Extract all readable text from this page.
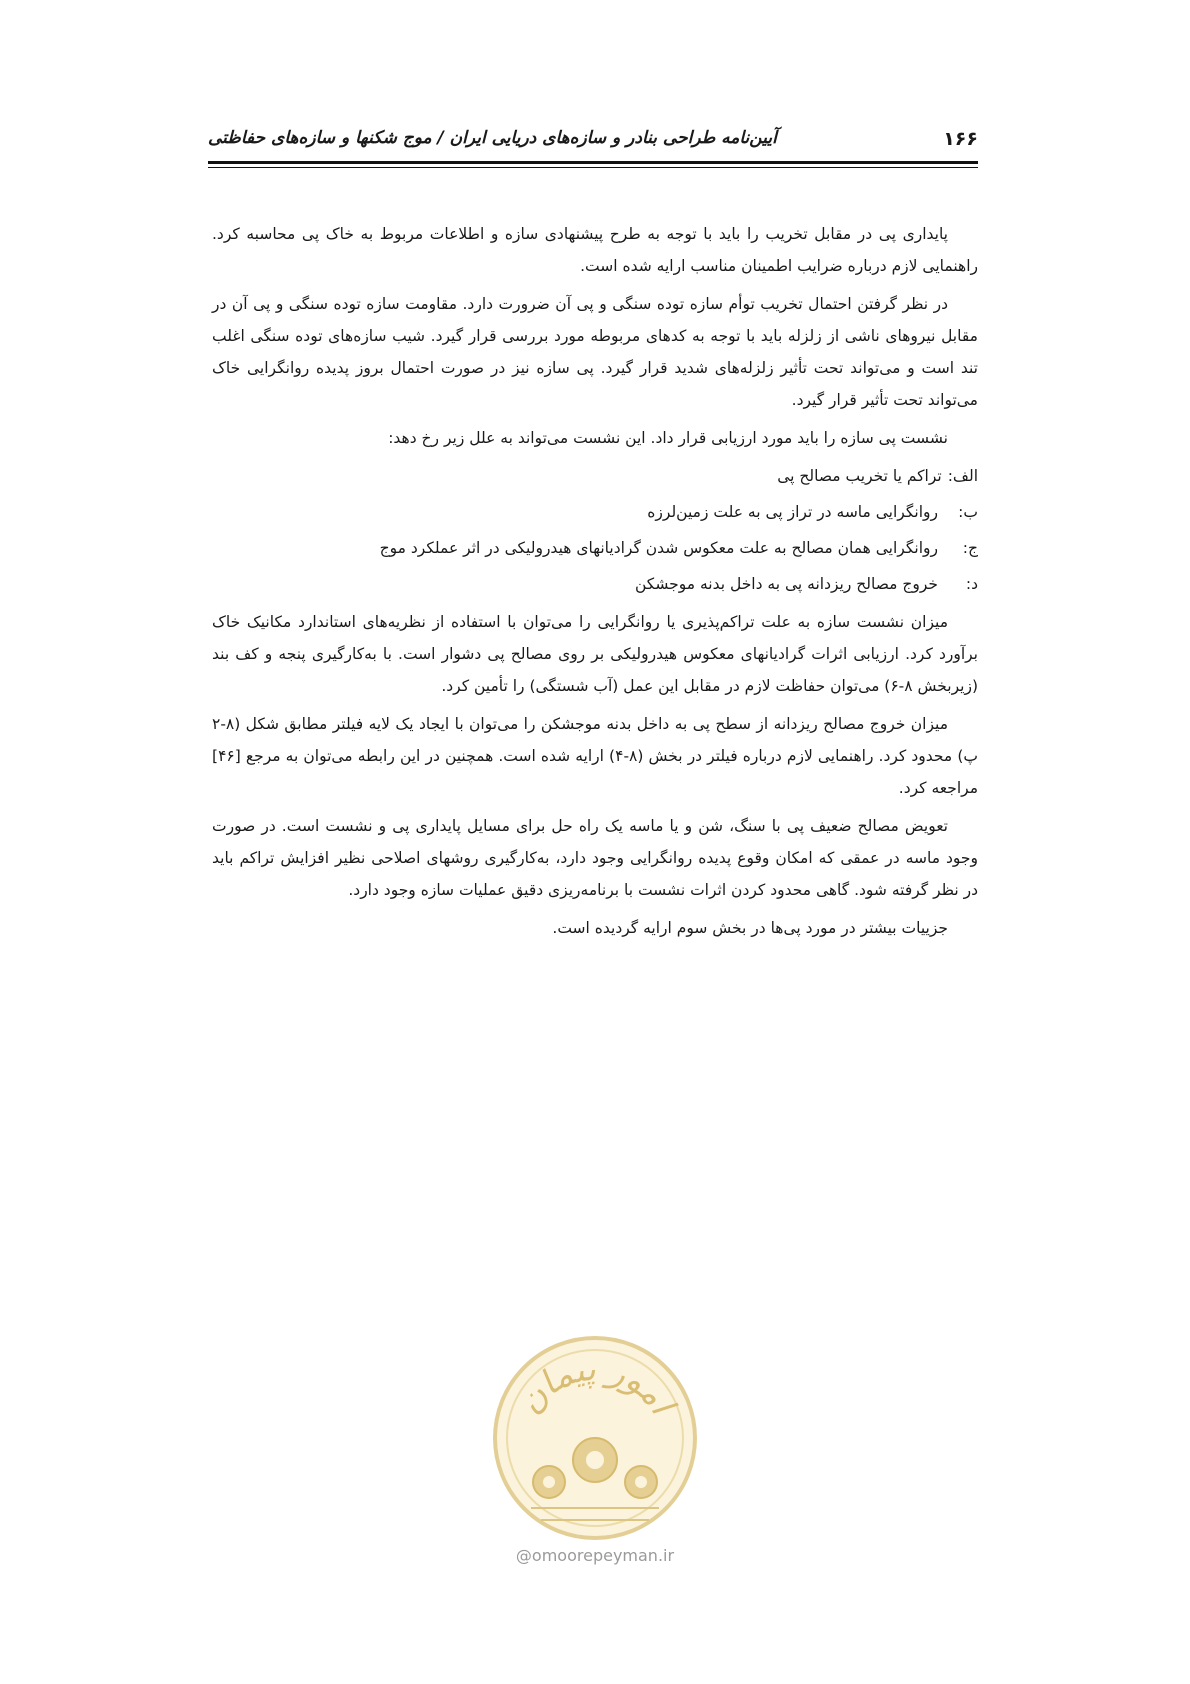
۱۶۶
آیین‌نامه طراحی بنادر و سازه‌های دریایی ایران / موج شکنها و سازه‌های حفاظتی

پایداری پی در مقابل تخریب را باید با توجه به طرح پیشنهادی سازه و اطلاعات مربوط به خاک پی محاسبه کرد. راهنمایی لازم درباره ضرایب اطمینان مناسب ارایه شده است.

در نظر گرفتن احتمال تخریب توأم سازه توده سنگی و پی آن ضرورت دارد. مقاومت سازه توده سنگی و پی آن در مقابل نیروهای ناشی از زلزله باید با توجه به کدهای مربوطه مورد بررسی قرار گیرد. شیب سازه‌های توده سنگی اغلب تند است و می‌تواند تحت تأثیر زلزله‌های شدید قرار گیرد. پی سازه نیز در صورت احتمال بروز پدیده روانگرایی خاک می‌تواند تحت تأثیر قرار گیرد.

نشست پی سازه را باید مورد ارزیابی قرار داد. این نشست می‌تواند به علل زیر رخ دهد:

الف:
تراکم یا تخریب مصالح پی
ب:
روانگرایی ماسه در تراز پی به علت زمین‌لرزه
ج:
روانگرایی همان مصالح به علت معکوس شدن گرادیانهای هیدرولیکی در اثر عملکرد موج
د:
خروج مصالح ریزدانه پی به داخل بدنه موجشکن

میزان نشست سازه به علت تراکم‌پذیری یا روانگرایی را می‌توان با استفاده از نظریه‌های استاندارد مکانیک خاک برآورد کرد. ارزیابی اثرات گرادیانهای معکوس هیدرولیکی بر روی مصالح پی دشوار است. با به‌کارگیری پنجه و کف بند (زیربخش ۸-۶) می‌توان حفاظت لازم در مقابل این عمل (آب شستگی) را تأمین کرد.

میزان خروج مصالح ریزدانه از سطح پی به داخل بدنه موجشکن را می‌توان با ایجاد یک لایه فیلتر مطابق شکل (۸-۲ پ) محدود کرد. راهنمایی لازم درباره فیلتر در بخش (۸-۴) ارایه شده است. همچنین در این رابطه می‌توان به مرجع [۴۶] مراجعه کرد.

تعویض مصالح ضعیف پی با سنگ، شن و یا ماسه یک راه حل برای مسایل پایداری پی و نشست است. در صورت وجود ماسه در عمقی که امکان وقوع پدیده روانگرایی وجود دارد، به‌کارگیری روشهای اصلاحی نظیر افزایش تراکم باید در نظر گرفته شود. گاهی محدود کردن اثرات نشست با برنامه‌ریزی دقیق عملیات سازه وجود دارد.

جزییات بیشتر در مورد پی‌ها در بخش سوم ارایه گردیده است.

امور پیمان
@omoorepeyman.ir
